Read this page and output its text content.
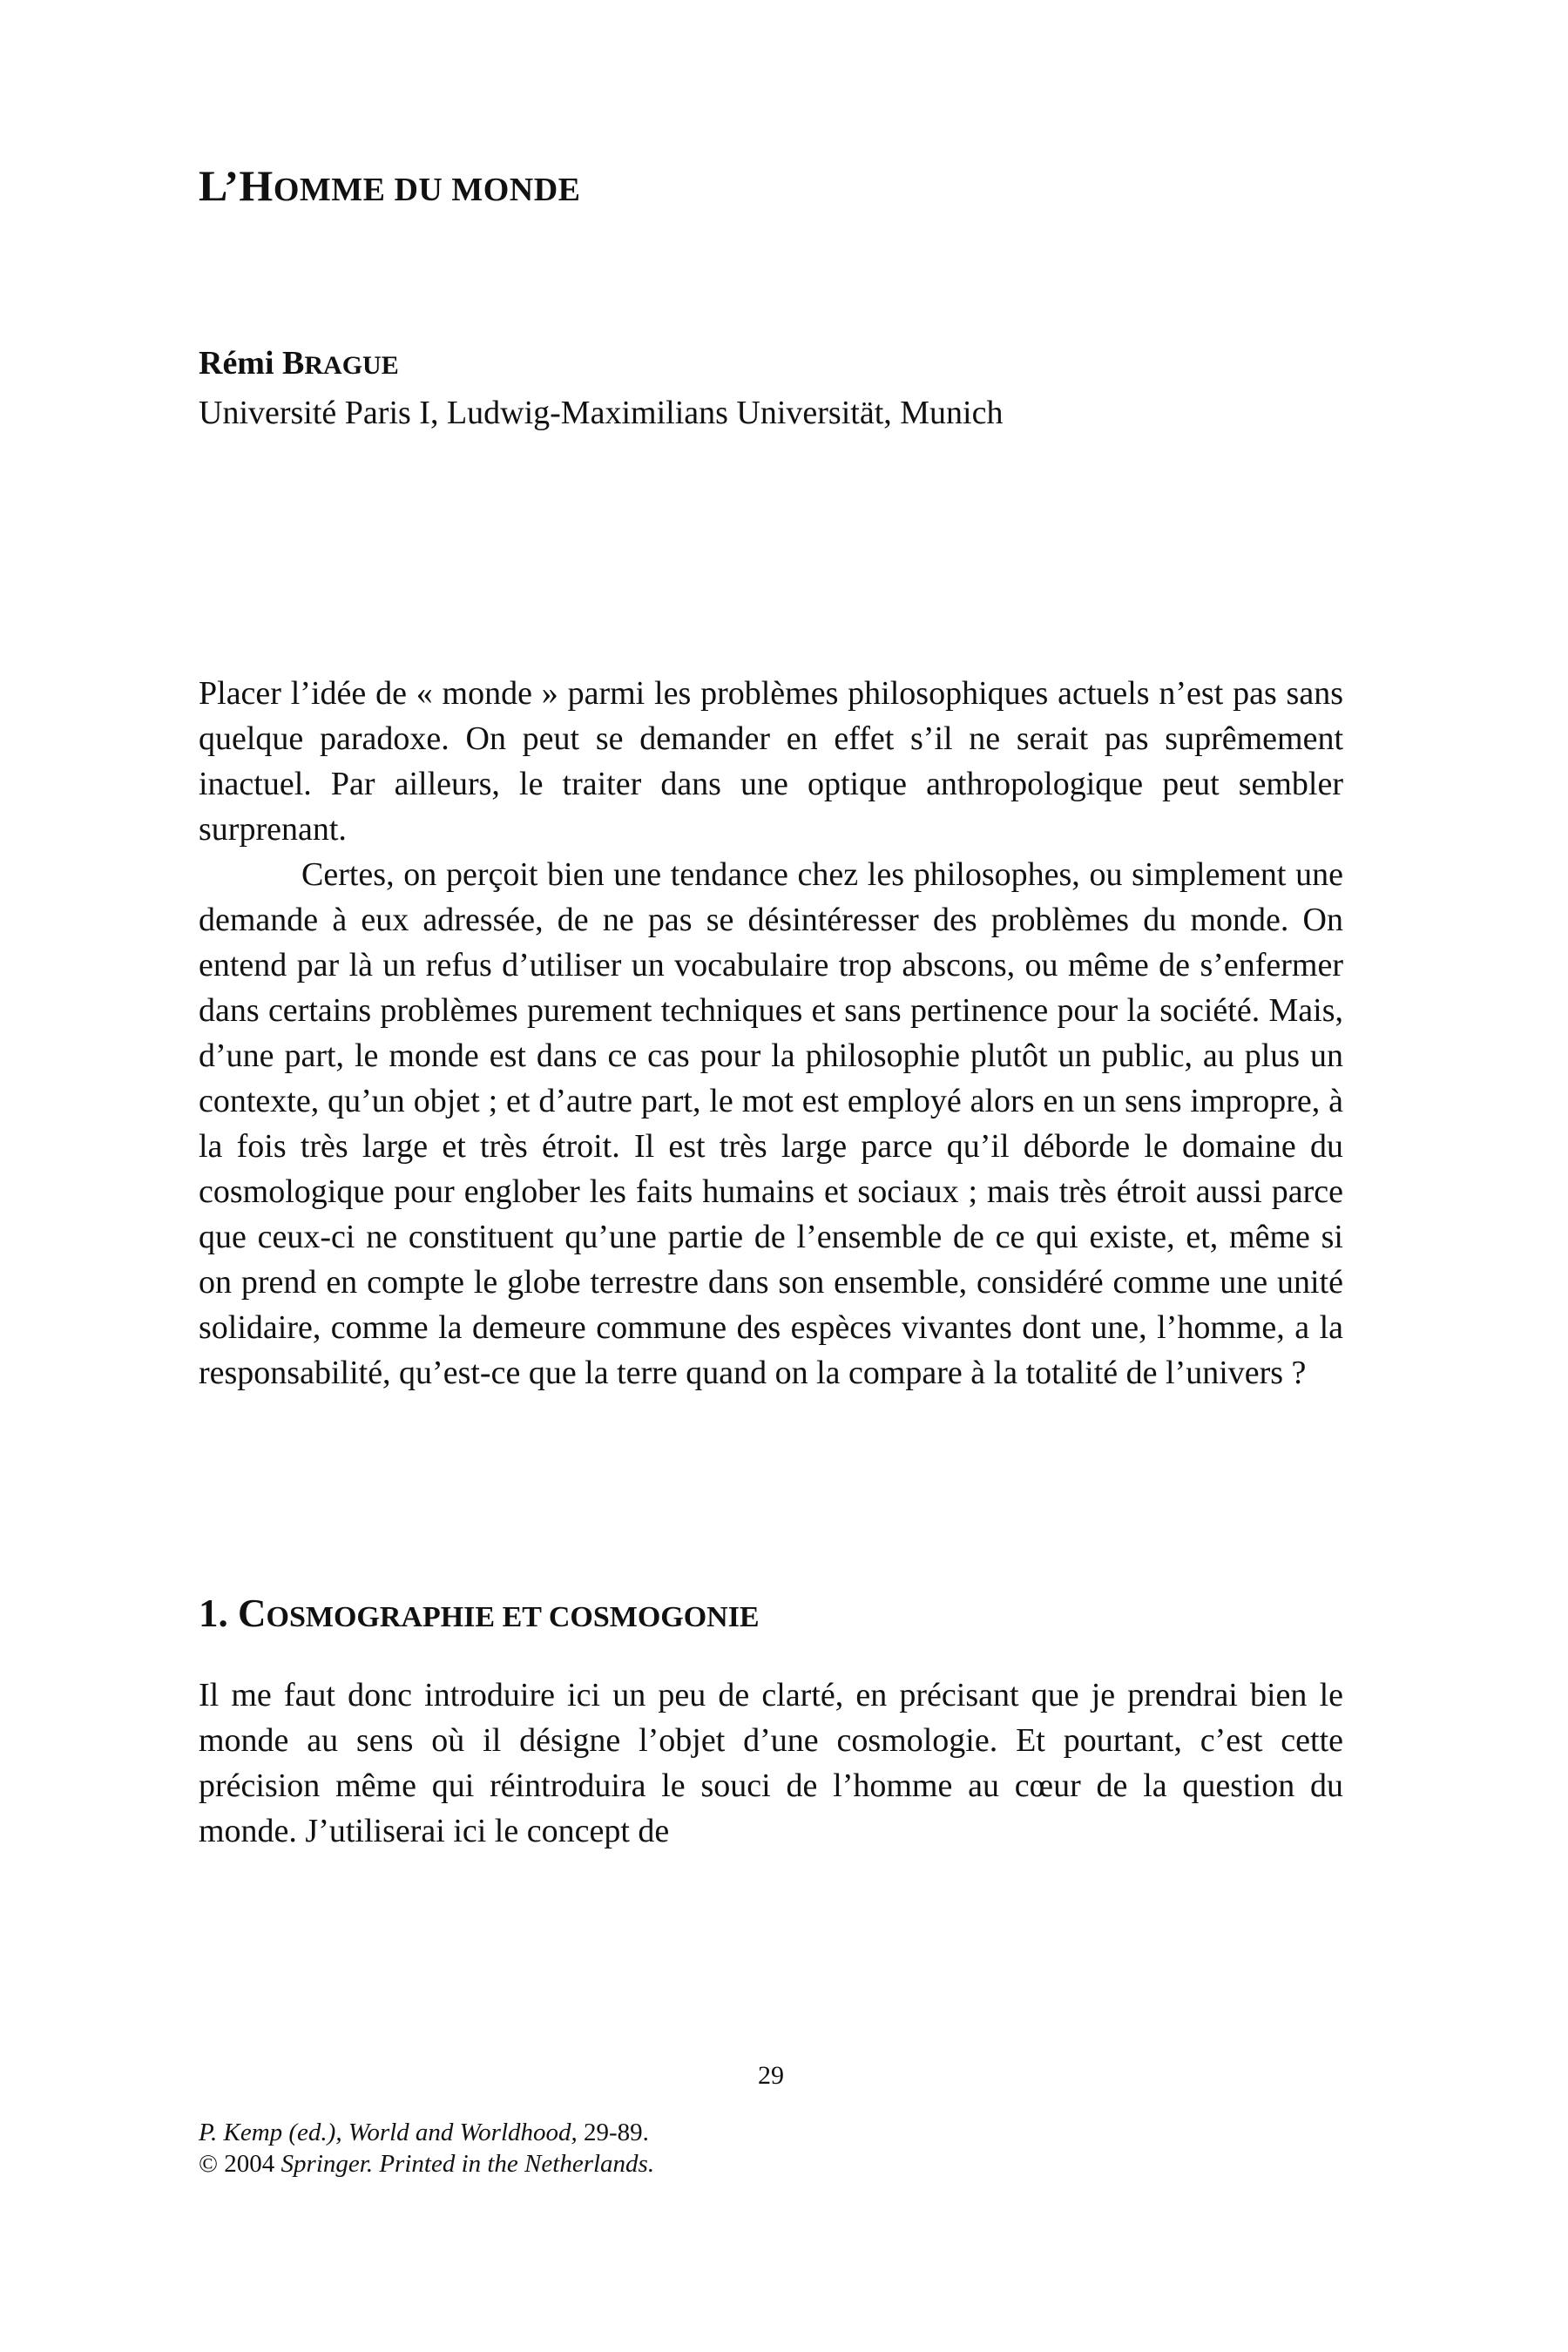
L’HOMME DU MONDE

Rémi BRAGUE

Université Paris I, Ludwig-Maximilians Universität, Munich

Placer l’idée de « monde » parmi les problèmes philosophiques actuels n’est pas sans quelque paradoxe. On peut se demander en effet s’il ne serait pas suprêmement inactuel. Par ailleurs, le traiter dans une optique anthropologique peut sembler surprenant.

Certes, on perçoit bien une tendance chez les philosophes, ou simplement une demande à eux adressée, de ne pas se désintéresser des problèmes du monde. On entend par là un refus d’utiliser un vocabulaire trop abscons, ou même de s’enfermer dans certains problèmes purement techniques et sans pertinence pour la société. Mais, d’une part, le monde est dans ce cas pour la philosophie plutôt un public, au plus un contexte, qu’un objet ; et d’autre part, le mot est employé alors en un sens impropre, à la fois très large et très étroit. Il est très large parce qu’il déborde le domaine du cosmologique pour englober les faits humains et sociaux ; mais très étroit aussi parce que ceux-ci ne constituent qu’une partie de l’ensemble de ce qui existe, et, même si on prend en compte le globe terrestre dans son ensemble, considéré comme une unité solidaire, comme la demeure commune des espèces vivantes dont une, l’homme, a la responsabilité, qu’est-ce que la terre quand on la compare à la totalité de l’univers ?

1. COSMOGRAPHIE ET COSMOGONIE

Il me faut donc introduire ici un peu de clarté, en précisant que je prendrai bien le monde au sens où il désigne l’objet d’une cosmologie. Et pourtant, c’est cette précision même qui réintroduira le souci de l’homme au cœur de la question du monde. J’utiliserai ici le concept de

29
P. Kemp (ed.), World and Worldhood, 29-89.
© 2004 Springer. Printed in the Netherlands.
